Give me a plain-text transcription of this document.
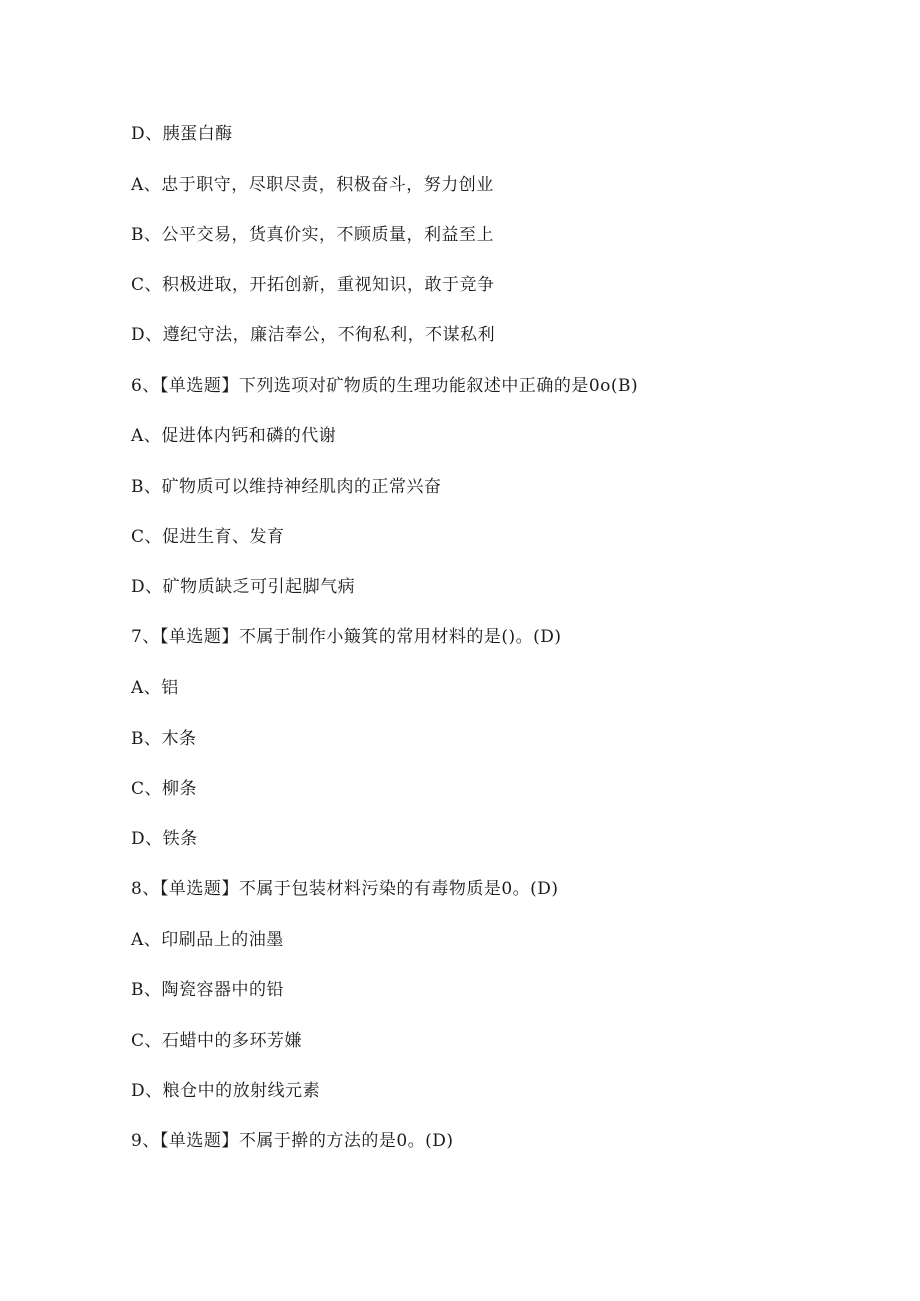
D、胰蛋白酶
A、忠于职守，尽职尽责，积极奋斗，努力创业
B、公平交易，货真价实，不顾质量，利益至上
C、积极进取，开拓创新，重视知识，敢于竞争
D、遵纪守法，廉洁奉公，不徇私利，不谋私利
6、【单选题】下列选项对矿物质的生理功能叙述中正确的是0o(B)
A、促进体内钙和磷的代谢
B、矿物质可以维持神经肌肉的正常兴奋
C、促进生育、发育
D、矿物质缺乏可引起脚气病
7、【单选题】不属于制作小簸箕的常用材料的是()。(D)
A、铝
B、木条
C、柳条
D、铁条
8、【单选题】不属于包装材料污染的有毒物质是0。(D)
A、印刷品上的油墨
B、陶瓷容器中的铅
C、石蜡中的多环芳嫌
D、粮仓中的放射线元素
9、【单选题】不属于擀的方法的是0。(D)
